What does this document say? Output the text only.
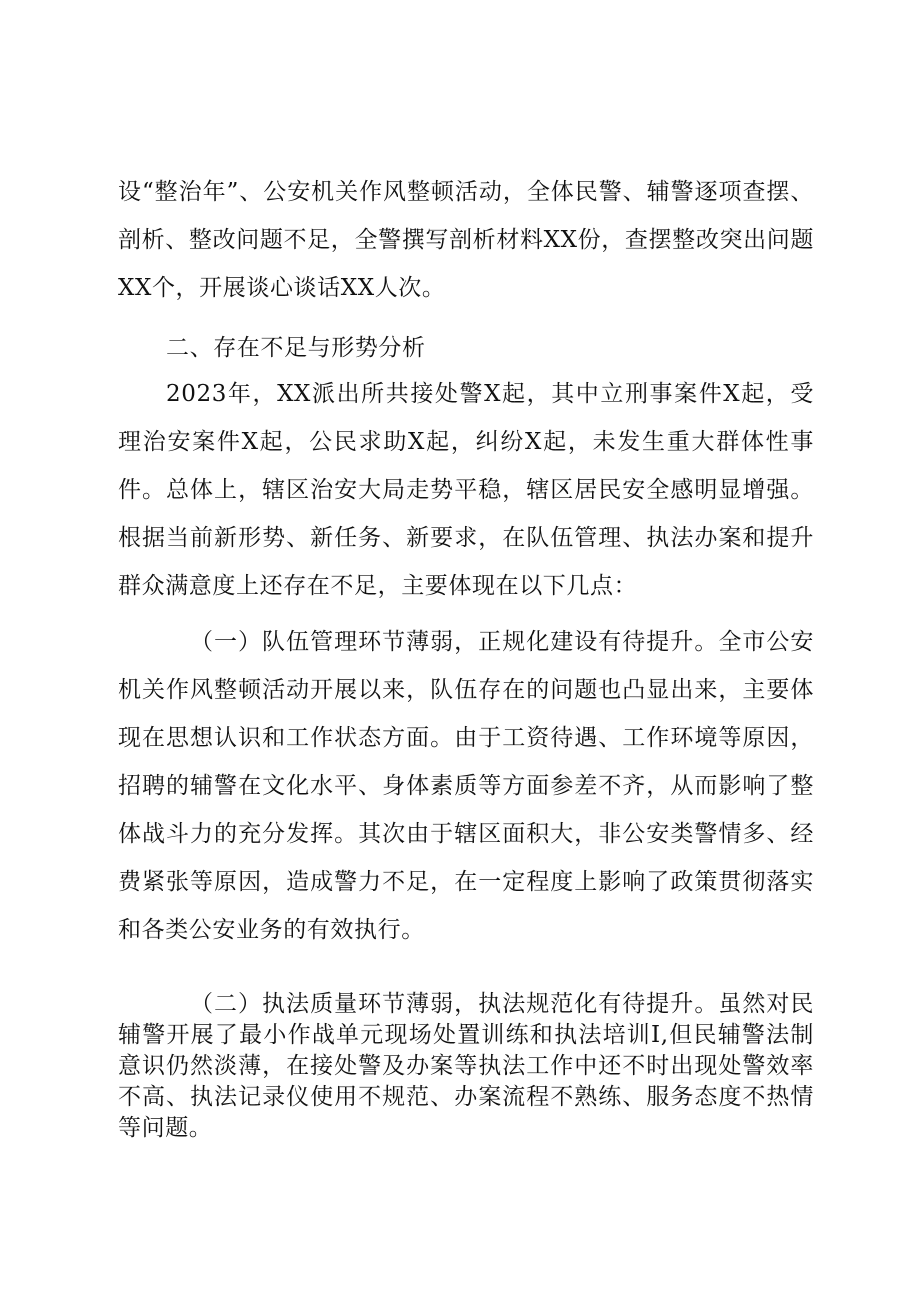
设“整治年”、公安机关作风整顿活动，全体民警、辅警逐项查摆、剖析、整改问题不足，全警撰写剖析材料XX份，查摆整改突出问题XX个，开展谈心谈话XX人次。

二、存在不足与形势分析

2023年，XX派出所共接处警X起，其中立刑事案件X起，受理治安案件X起，公民求助X起，纠纷X起，未发生重大群体性事件。总体上，辖区治安大局走势平稳，辖区居民安全感明显增强。根据当前新形势、新任务、新要求，在队伍管理、执法办案和提升群众满意度上还存在不足，主要体现在以下几点：

（一）队伍管理环节薄弱，正规化建设有待提升。全市公安机关作风整顿活动开展以来，队伍存在的问题也凸显出来，主要体现在思想认识和工作状态方面。由于工资待遇、工作环境等原因，招聘的辅警在文化水平、身体素质等方面参差不齐，从而影响了整体战斗力的充分发挥。其次由于辖区面积大，非公安类警情多、经费紧张等原因，造成警力不足，在一定程度上影响了政策贯彻落实和各类公安业务的有效执行。

（二）执法质量环节薄弱，执法规范化有待提升。虽然对民辅警开展了最小作战单元现场处置训练和执法培训I,但民辅警法制意识仍然淡薄，在接处警及办案等执法工作中还不时出现处警效率不高、执法记录仪使用不规范、办案流程不熟练、服务态度不热情等问题。
